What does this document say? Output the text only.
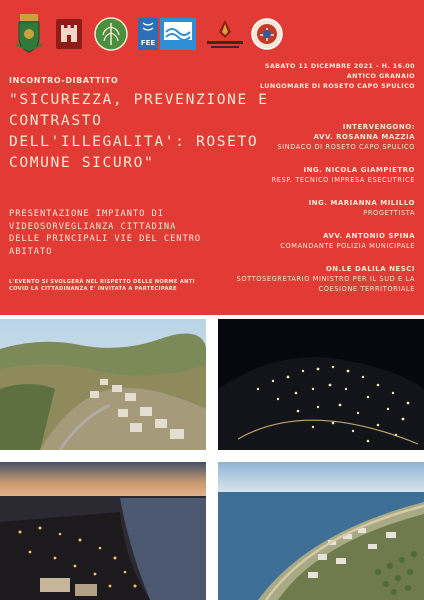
FEE
INCONTRO-DIBATTITO
"SICUREZZA, PREVENZIONE E CONTRASTO DELL'ILLEGALITA': ROSETO COMUNE SICURO"
SABATO 11 DICEMBRE 2021 - H. 16.00
ANTICO GRANAIO
LUNGOMARE DI ROSETO CAPO SPULICO
INTERVENGONO:
AVV. ROSANNA MAZZIA
SINDACO DI ROSETO CAPO SPULICO
ING. NICOLA GIAMPIETRO
RESP. TECNICO IMPRESA ESECUTRICE
ING. MARIANNA MILILLO
PROGETTISTA
AVV. ANTONIO SPINA
COMANDANTE POLIZIA MUNICIPALE
ON.LE DALILA NESCI
SOTTOSEGRETARIO MINISTRO PER IL SUD E LA COESIONE TERRITORIALE
PRESENTAZIONE IMPIANTO DI VIDEOSORVEGLIANZA CITTADINA DELLE PRINCIPALI VIE DEL CENTRO ABITATO
L'EVENTO SI SVOLGERÀ NEL RISPETTO DELLE NORME ANTI COVID LA CITTADINANZA E' INVITATA A PARTECIPARE
